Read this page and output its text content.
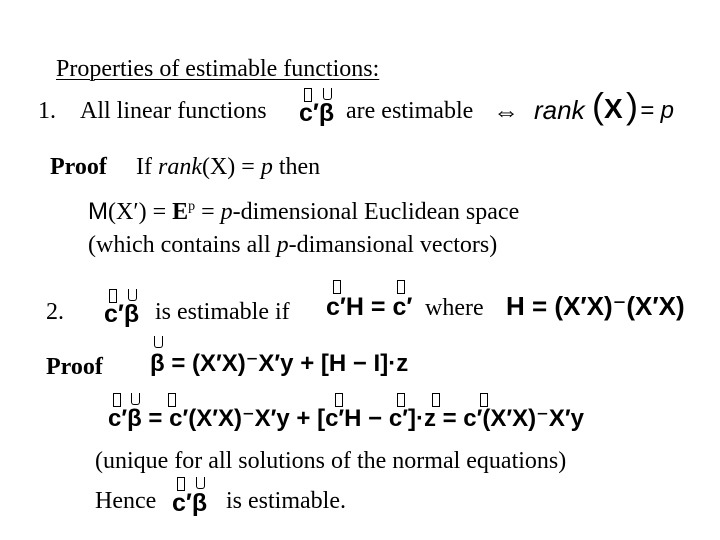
Properties of estimable functions:
1. All linear functions c′β are estimable ⇔ rank ( X ) = p
Proof If rank(X) = p then
$M(X') = E^p$ = p-dimensional Euclidean space
(which contains all p-dimansional vectors)
2. c′β is estimable if c′H = c′ where H = (X′X)⁻(X′X)
Proof β = (X′X)⁻X′y + [H − I]·z
c′β = c′(X′X)⁻X′y + [c′H − c′]·z = c′(X′X)⁻X′y
(unique for all solutions of the normal equations)
Hence c′β is estimable.
